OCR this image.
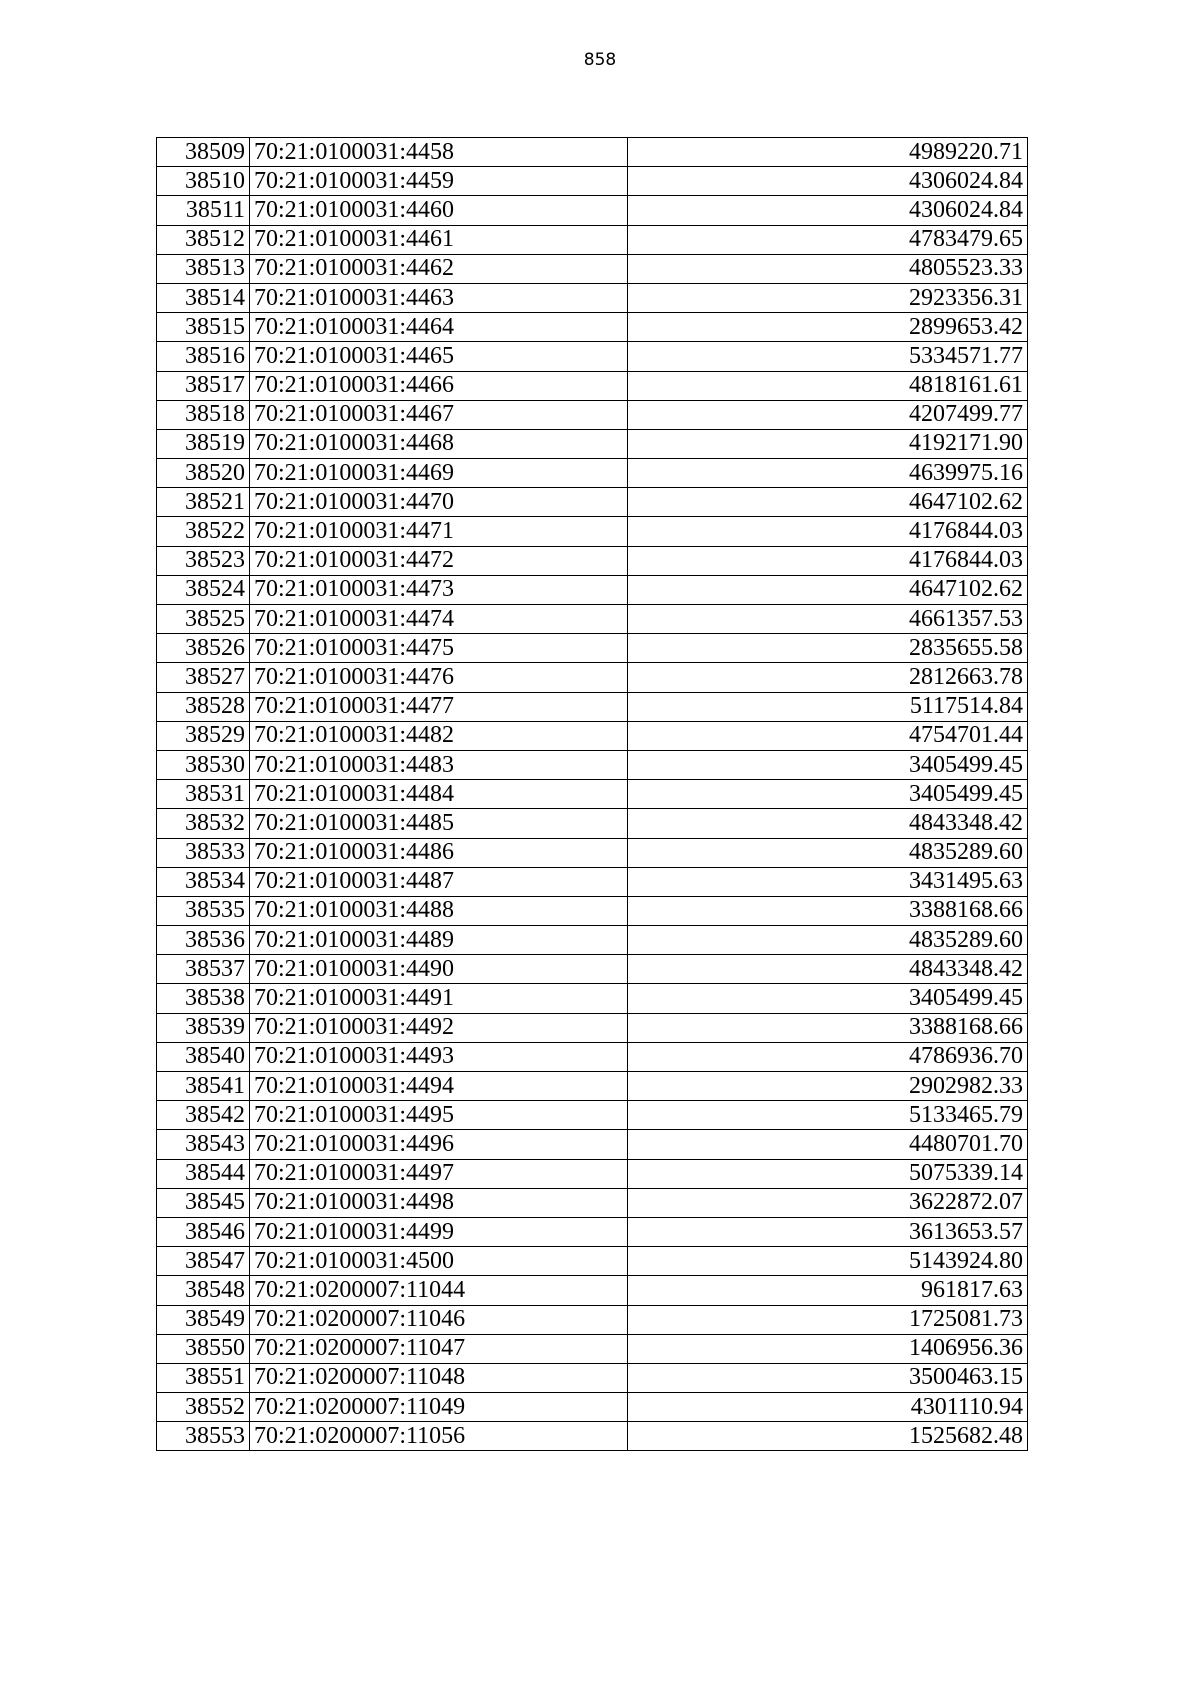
858
38509	70:21:0100031:4458	4989220.71
38510	70:21:0100031:4459	4306024.84
38511	70:21:0100031:4460	4306024.84
38512	70:21:0100031:4461	4783479.65
38513	70:21:0100031:4462	4805523.33
38514	70:21:0100031:4463	2923356.31
38515	70:21:0100031:4464	2899653.42
38516	70:21:0100031:4465	5334571.77
38517	70:21:0100031:4466	4818161.61
38518	70:21:0100031:4467	4207499.77
38519	70:21:0100031:4468	4192171.90
38520	70:21:0100031:4469	4639975.16
38521	70:21:0100031:4470	4647102.62
38522	70:21:0100031:4471	4176844.03
38523	70:21:0100031:4472	4176844.03
38524	70:21:0100031:4473	4647102.62
38525	70:21:0100031:4474	4661357.53
38526	70:21:0100031:4475	2835655.58
38527	70:21:0100031:4476	2812663.78
38528	70:21:0100031:4477	5117514.84
38529	70:21:0100031:4482	4754701.44
38530	70:21:0100031:4483	3405499.45
38531	70:21:0100031:4484	3405499.45
38532	70:21:0100031:4485	4843348.42
38533	70:21:0100031:4486	4835289.60
38534	70:21:0100031:4487	3431495.63
38535	70:21:0100031:4488	3388168.66
38536	70:21:0100031:4489	4835289.60
38537	70:21:0100031:4490	4843348.42
38538	70:21:0100031:4491	3405499.45
38539	70:21:0100031:4492	3388168.66
38540	70:21:0100031:4493	4786936.70
38541	70:21:0100031:4494	2902982.33
38542	70:21:0100031:4495	5133465.79
38543	70:21:0100031:4496	4480701.70
38544	70:21:0100031:4497	5075339.14
38545	70:21:0100031:4498	3622872.07
38546	70:21:0100031:4499	3613653.57
38547	70:21:0100031:4500	5143924.80
38548	70:21:0200007:11044	961817.63
38549	70:21:0200007:11046	1725081.73
38550	70:21:0200007:11047	1406956.36
38551	70:21:0200007:11048	3500463.15
38552	70:21:0200007:11049	4301110.94
38553	70:21:0200007:11056	1525682.48
